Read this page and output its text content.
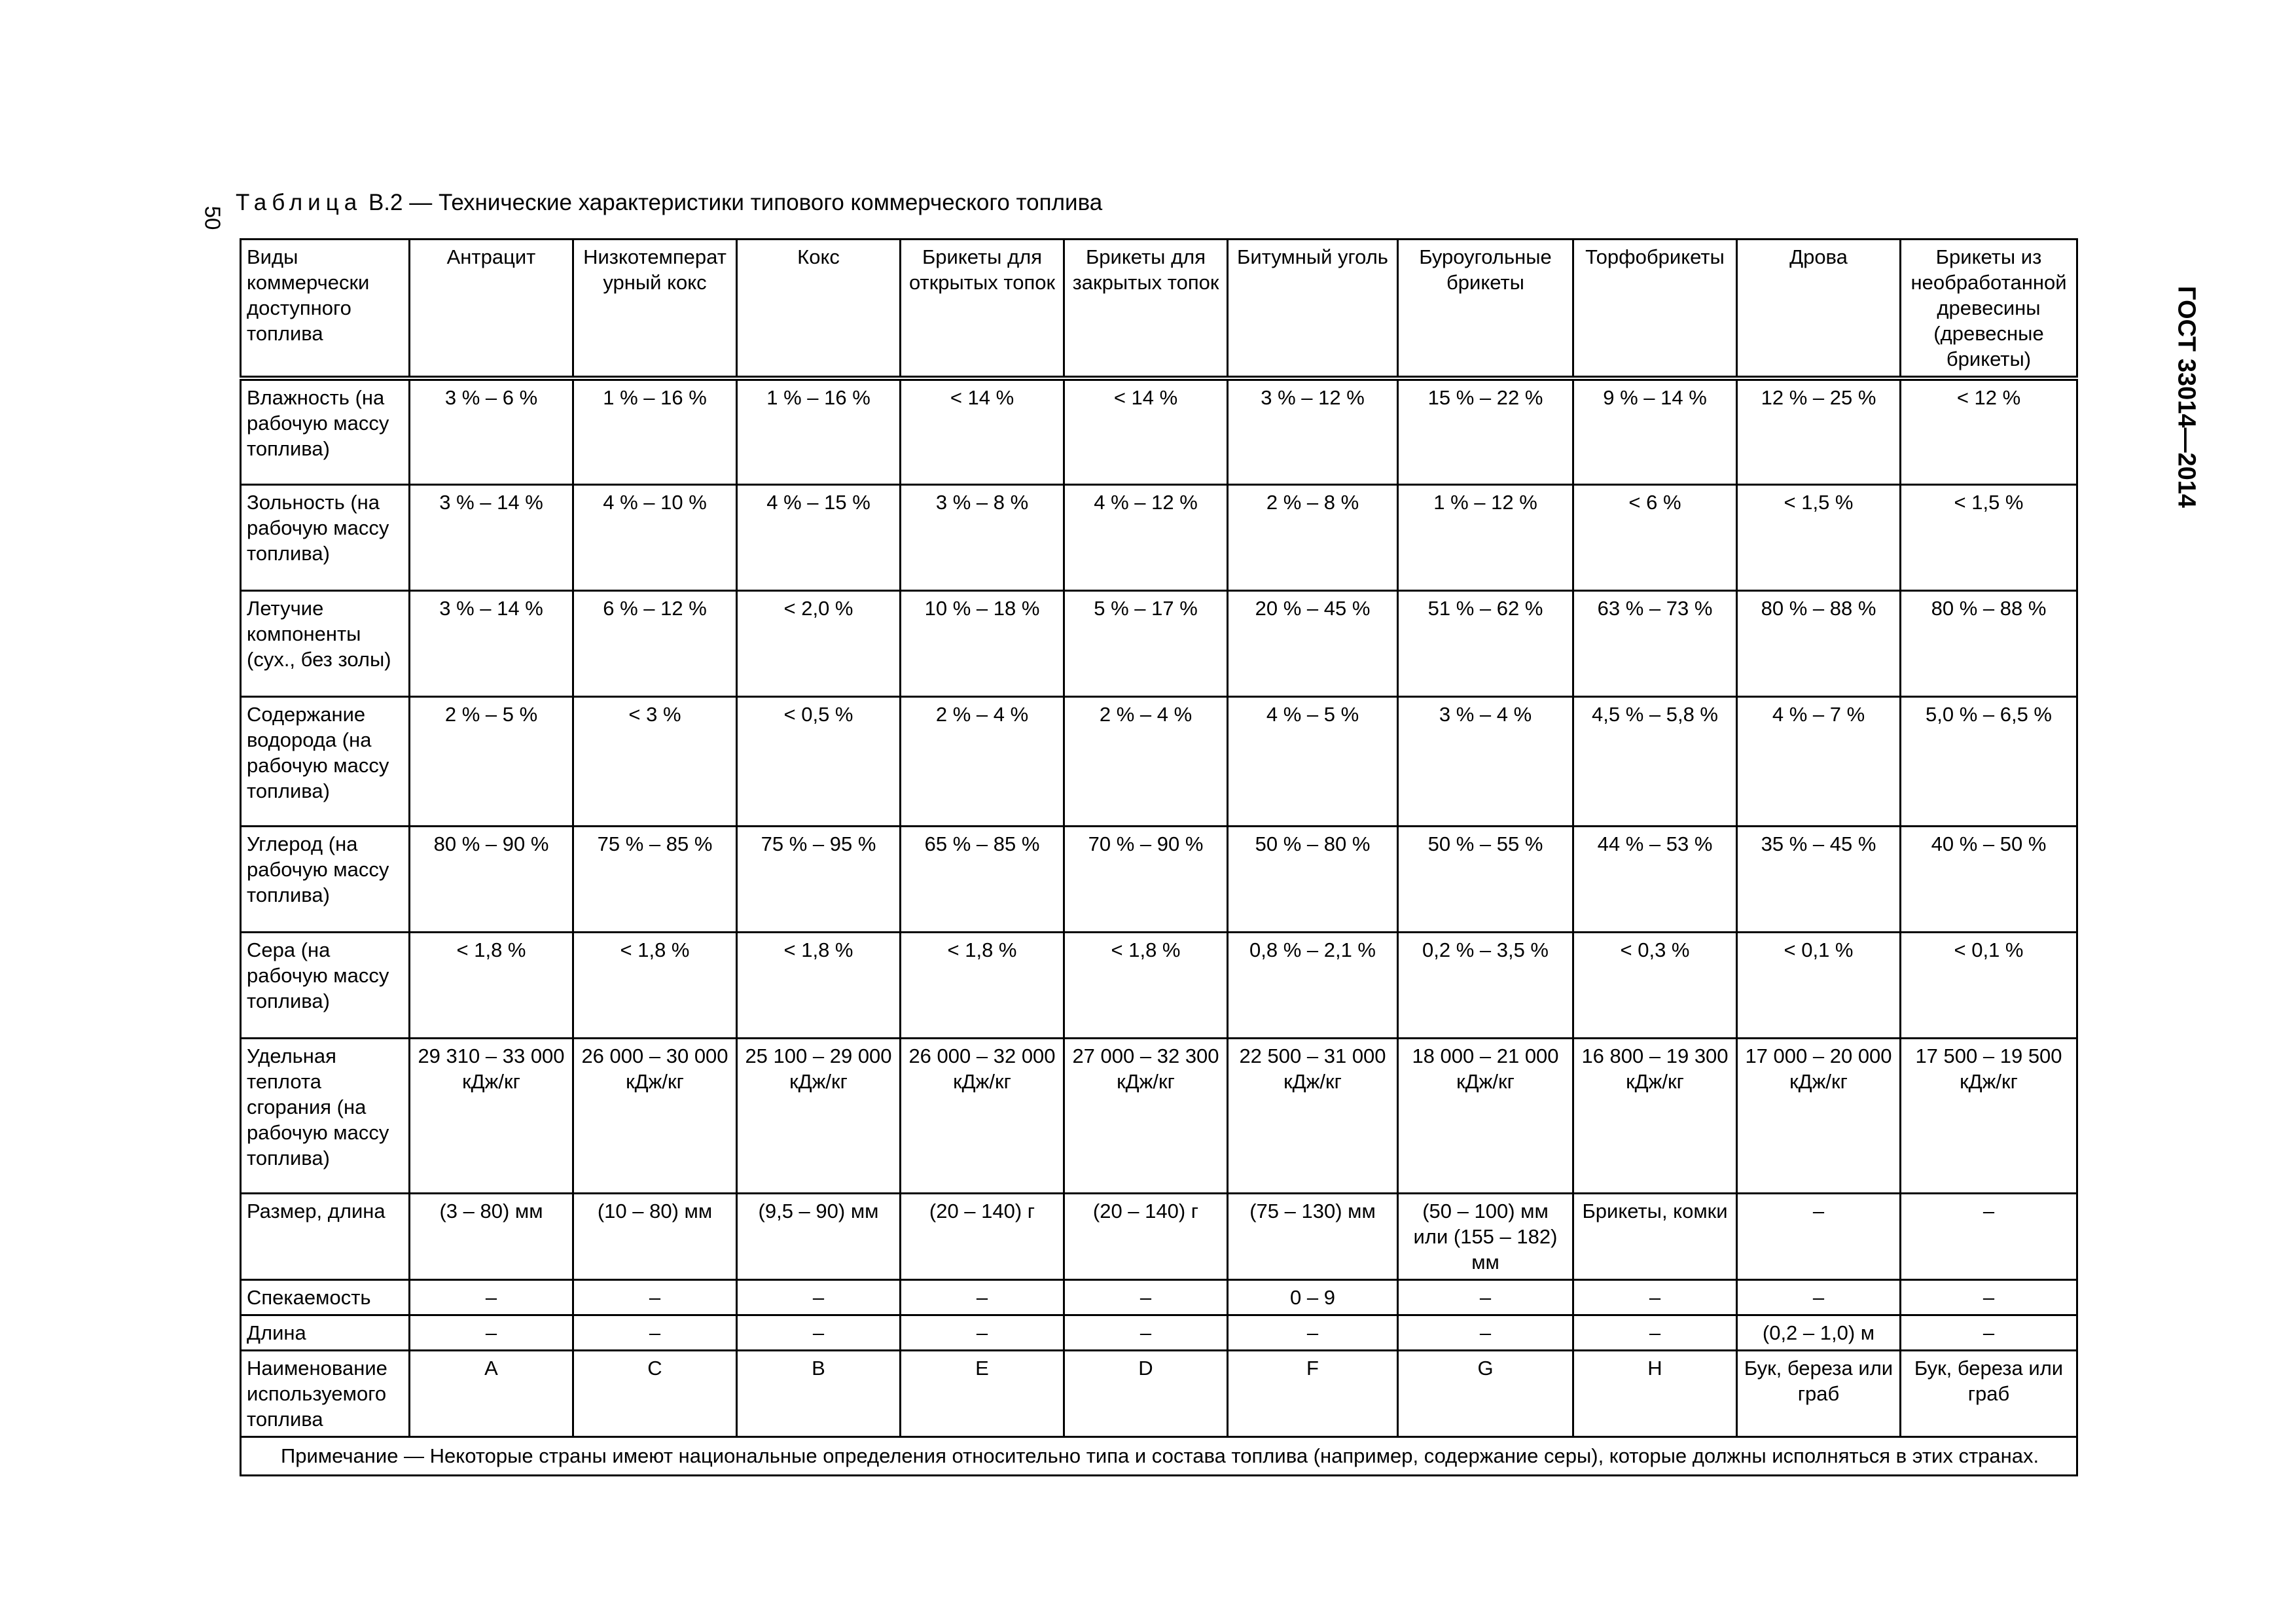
50
ГОСТ 33014—2014
Таблица В.2 — Технические характеристики типового коммерческого топлива
Виды коммерчески доступного топлива	Антрацит	Низкотемпературный кокс	Кокс	Брикеты для открытых топок	Брикеты для закрытых топок	Битумный уголь	Буроугольные брикеты	Торфобрикеты	Дрова	Брикеты из необработанной древесины (древесные брикеты)
Влажность (на рабочую массу топлива)	3 % – 6 %	1 % – 16 %	1 % – 16 %	< 14 %	< 14 %	3 % – 12 %	15 % – 22 %	9 % – 14 %	12 % – 25 %	< 12 %
Зольность (на рабочую массу топлива)	3 % – 14 %	4 % – 10 %	4 % – 15 %	3 % – 8 %	4 % – 12 %	2 % – 8 %	1 % – 12 %	< 6 %	< 1,5 %	< 1,5 %
Летучие компоненты (сух., без золы)	3 % – 14 %	6 % – 12 %	< 2,0 %	10 % – 18 %	5 % – 17 %	20 % – 45 %	51 % – 62 %	63 % – 73 %	80 % – 88 %	80 % – 88 %
Содержание водорода (на рабочую массу топлива)	2 % – 5 %	< 3 %	< 0,5 %	2 % – 4 %	2 % – 4 %	4 % – 5 %	3 % – 4 %	4,5 % – 5,8 %	4 % – 7 %	5,0 % – 6,5 %
Углерод (на рабочую массу топлива)	80 % – 90 %	75 % – 85 %	75 % – 95 %	65 % – 85 %	70 % – 90 %	50 % – 80 %	50 % – 55 %	44 % – 53 %	35 % – 45 %	40 % – 50 %
Сера (на рабочую массу топлива)	< 1,8 %	< 1,8 %	< 1,8 %	< 1,8 %	< 1,8 %	0,8 % – 2,1 %	0,2 % – 3,5 %	< 0,3 %	< 0,1 %	< 0,1 %
Удельная теплота сгорания (на рабочую массу топлива)	29 310 – 33 000 кДж/кг	26 000 – 30 000 кДж/кг	25 100 – 29 000 кДж/кг	26 000 – 32 000 кДж/кг	27 000 – 32 300 кДж/кг	22 500 – 31 000 кДж/кг	18 000 – 21 000 кДж/кг	16 800 – 19 300 кДж/кг	17 000 – 20 000 кДж/кг	17 500 – 19 500 кДж/кг
Размер, длина	(3 – 80) мм	(10 – 80) мм	(9,5 – 90) мм	(20 – 140) г	(20 – 140) г	(75 – 130) мм	(50 – 100) мм или (155 – 182) мм	Брикеты, комки	–	–
Спекаемость	–	–	–	–	–	0 – 9	–	–	–	–
Длина	–	–	–	–	–	–	–	–	(0,2 – 1,0) м	–
Наименование используемого топлива	A	C	B	E	D	F	G	H	Бук, береза или граб	Бук, береза или граб

Примечание — Некоторые страны имеют национальные определения относительно типа и состава топлива (например, содержание серы), которые должны исполняться в этих странах.										
